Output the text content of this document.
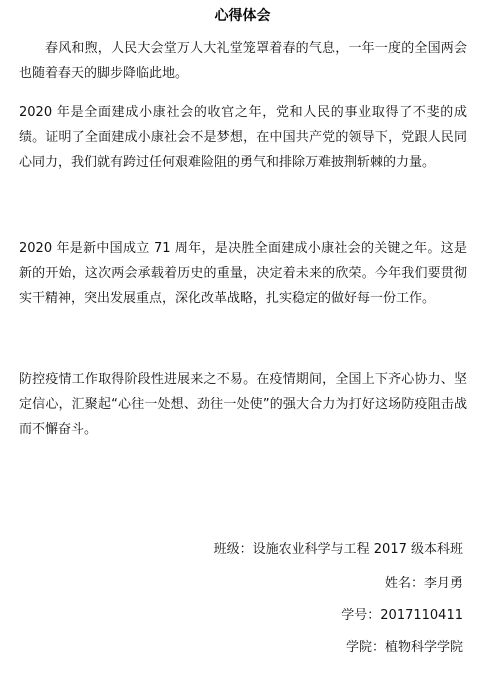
心得体会

春风和煦，人民大会堂万人大礼堂笼罩着春的气息，一年一度的全国两会也随着春天的脚步降临此地。

2020 年是全面建成小康社会的收官之年，党和人民的事业取得了不斐的成绩。证明了全面建成小康社会不是梦想，在中国共产党的领导下，党跟人民同心同力，我们就有跨过任何艰难险阻的勇气和排除万难披荆斩棘的力量。

2020 年是新中国成立 71 周年，是决胜全面建成小康社会的关键之年。这是新的开始，这次两会承载着历史的重量，决定着未来的欣荣。今年我们要贯彻实干精神，突出发展重点，深化改革战略，扎实稳定的做好每一份工作。

防控疫情工作取得阶段性进展来之不易。在疫情期间，全国上下齐心协力、坚定信心，汇聚起“心往一处想、劲往一处使”的强大合力为打好这场防疫阻击战而不懈奋斗。

班级：设施农业科学与工程 2017 级本科班
姓名：李月勇
学号：2017110411
学院：植物科学学院
